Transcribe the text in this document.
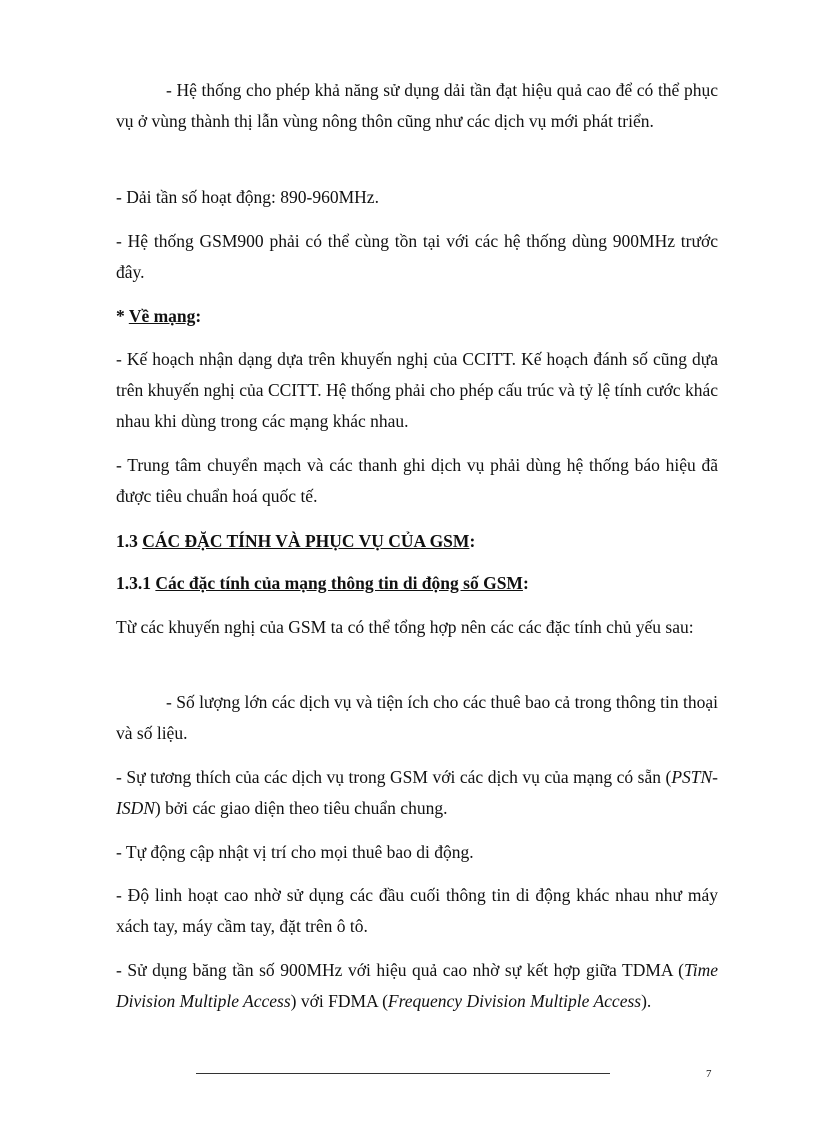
- Hệ thống cho phép khả năng sử dụng dải tần đạt hiệu quả cao để có thể phục vụ ở vùng thành thị lẫn vùng nông thôn cũng như các dịch vụ mới phát triển.

- Dải tần số hoạt động: 890-960MHz.

- Hệ thống GSM900 phải có thể cùng tồn tại với các hệ thống dùng 900MHz trước đây.

* Về mạng:

- Kế hoạch nhận dạng dựa trên khuyến nghị của CCITT. Kế hoạch đánh số cũng dựa trên khuyến nghị của CCITT. Hệ thống phải cho phép cấu trúc và tỷ lệ tính cước khác nhau khi dùng trong các mạng khác nhau.

- Trung tâm chuyển mạch và các thanh ghi dịch vụ phải dùng hệ thống báo hiệu đã được tiêu chuẩn hoá quốc tế.

1.3 CÁC ĐẶC TÍNH VÀ PHỤC VỤ CỦA GSM:

1.3.1 Các đặc tính của mạng thông tin di động số GSM:

Từ các khuyến nghị của GSM ta có thể tổng hợp nên các các đặc tính chủ yếu sau:

- Số lượng lớn các dịch vụ và tiện ích cho các thuê bao cả trong thông tin thoại và số liệu.

- Sự tương thích của các dịch vụ trong GSM với các dịch vụ của mạng có sẵn (PSTN-ISDN) bởi các giao diện theo tiêu chuẩn chung.

- Tự động cập nhật vị trí cho mọi thuê bao di động.

- Độ linh hoạt cao nhờ sử dụng các đầu cuối thông tin di động khác nhau như máy xách tay, máy cầm tay, đặt trên ô tô.

- Sử dụng băng tần số 900MHz với hiệu quả cao nhờ sự kết hợp giữa TDMA (Time Division Multiple Access) với FDMA (Frequency Division Multiple Access).

7
